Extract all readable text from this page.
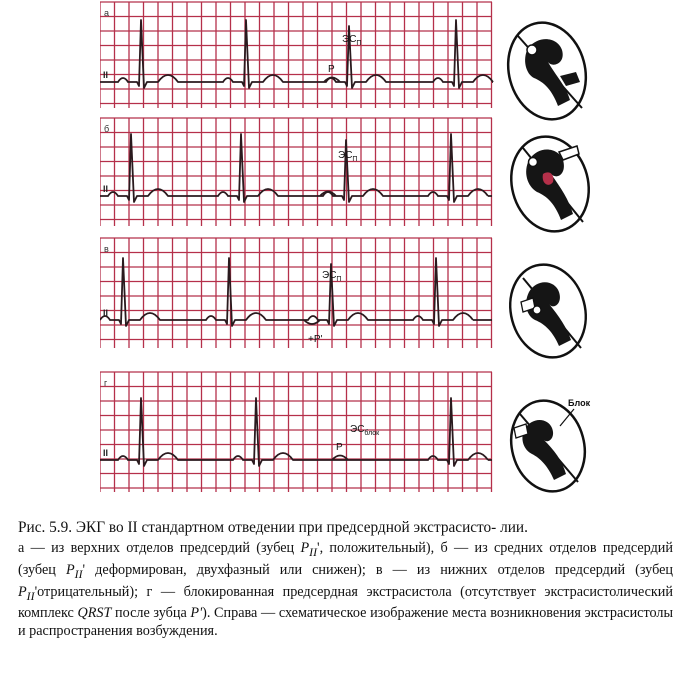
а
II
$ЭС_П$
P
б
II
$ЭС_П$
в
II
$ЭС_П$
+P'
г
II
$ЭС_{блок}$
P
Блок

Рис. 5.9. ЭКГ во II стандартном отведении при предсердной экстрасисто- лии.

а — из верхних отделов предсердий (зубец $P_{II}'$, положительный), б — из средних отделов предсердий (зубец $P_{II}'$ деформирован, двухфазный или снижен); в — из нижних отделов предсердий (зубец $P_{II}'отрицательный$); г — блокированная предсердная экстрасистола (отсутствует экстрасистолический комплекс QRST после зубца P'). Справа — схематическое изображение места возникновения экстрасистолы и распространения возбуждения.
